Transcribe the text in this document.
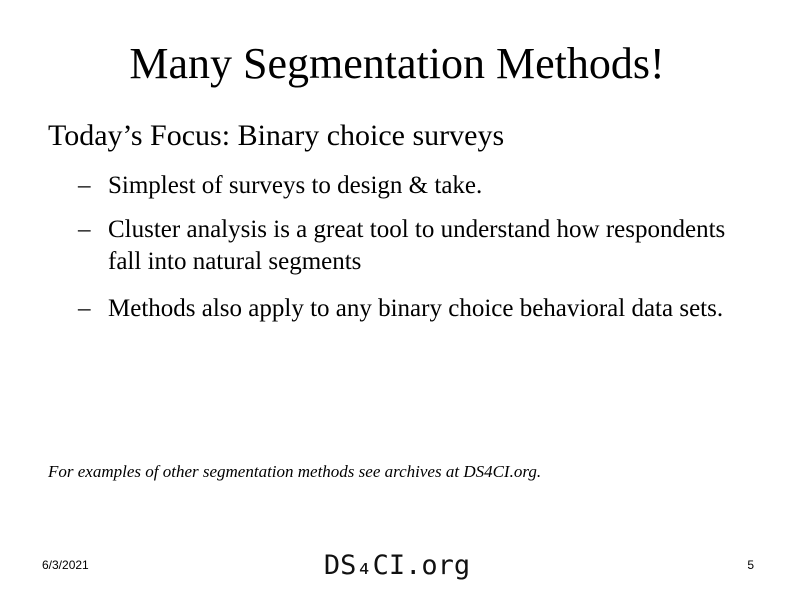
Many Segmentation Methods!
Today’s Focus: Binary choice surveys
– Simplest of surveys to design & take.
– Cluster analysis is a great tool to understand how respondents fall into natural segments
– Methods also apply to any binary choice behavioral data sets.
For examples of other segmentation methods see archives at DS4CI.org.
6/3/2021	DS₄CI.org	5
